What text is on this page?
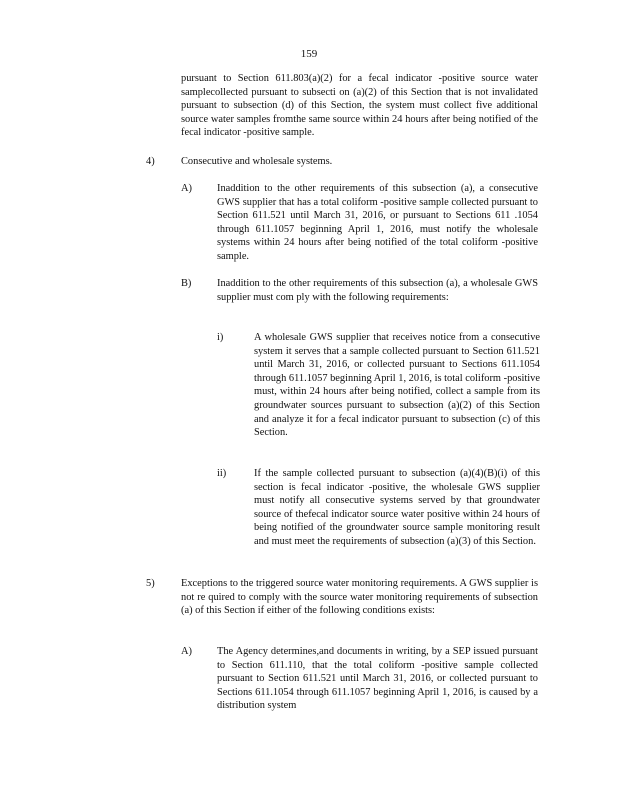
159

pursuant to Section 611.803(a)(2) for a fecal indicator -positive source water samplecollected pursuant to subsecti on (a)(2) of this Section that is not invalidated pursuant to subsection (d) of this Section, the system must collect five additional source water samples fromthe same source within 24 hours after being notified of the fecal indicator -positive sample.

4)	Consecutive and wholesale systems.

A) Inaddition to the other requirements of this subsection (a), a consecutive GWS supplier that has a total coliform -positive sample collected pursuant to Section 611.521 until March 31, 2016, or pursuant to Sections 611 .1054 through 611.1057 beginning April 1, 2016, must notify the wholesale systems within 24 hours after being notified of the total coliform -positive sample.

B) Inaddition to the other requirements of this subsection (a), a wholesale GWS supplier must com ply with the following requirements:

i)	A wholesale GWS supplier that receives notice from a consecutive system it serves that a sample collected pursuant to Section 611.521 until March 31, 2016, or collected pursuant to Sections 611.1054 through 611.1057 beginning April 1, 2016, is total coliform -positive must, within 24 hours after being notified, collect a sample from its groundwater sources pursuant to subsection (a)(2) of this Section and analyze it for a fecal indicator pursuant to subsection (c) of this Section.

ii)	If the sample collected pursuant to subsection (a)(4)(B)(i) of this section is fecal indicator -positive, the wholesale GWS supplier must notify all consecutive systems served by that groundwater source of thefecal indicator source water positive within 24 hours of being notified of the groundwater source sample monitoring result and must meet the requirements of subsection (a)(3) of this Section.

5)	Exceptions to the triggered source water monitoring requirements. A GWS supplier is not re quired to comply with the source water monitoring requirements of subsection (a) of this Section if either of the following conditions exists:

A) The Agency determines,and documents in writing, by a SEP issued pursuant to Section 611.110, that the total coliform -positive sample collected pursuant to Section 611.521 until March 31, 2016, or collected pursuant to Sections 611.1054 through 611.1057 beginning April 1, 2016, is caused by a distribution system
